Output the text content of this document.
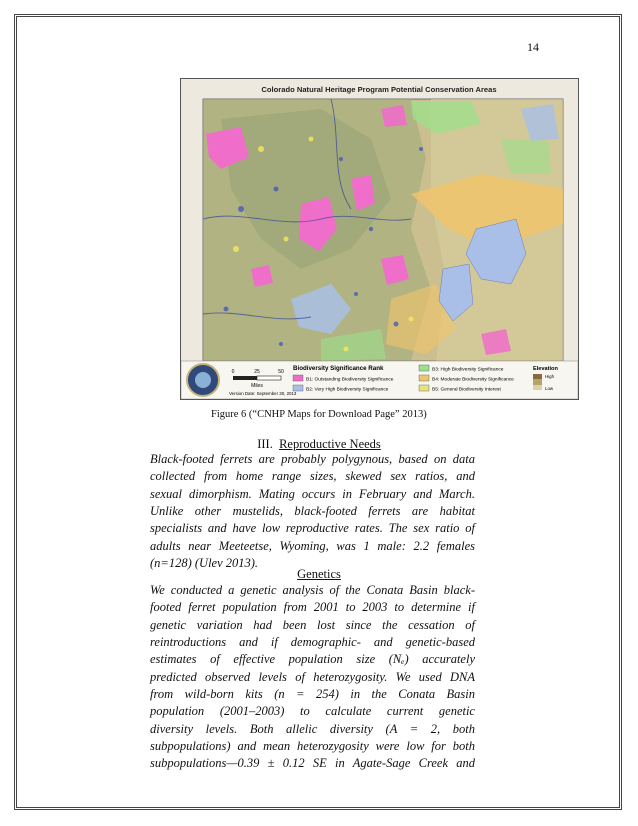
14
Colorado Natural Heritage Program Potential Conservation Areas
0	25	50
Miles
Version Date: September 30, 2013
Biodiversity Significance Rank
B1: Outstanding Biodiversity Significance
B2: Very High Biodiversity Significance
B3: High Biodiversity Significance
B4: Moderate Biodiversity Significance
B5: General Biodiversity Interest
Elevation
High
Low
Figure 6 (“CNHP Maps for Download Page” 2013)
III. Reproductive Needs
Black-footed ferrets are probably polygynous, based on data
collected from home range sizes, skewed sex ratios, and
sexual dimorphism. Mating occurs in February and March.
Unlike other mustelids, black-footed ferrets are habitat
specialists and have low reproductive rates. The sex ratio of
adults near Meeteetse, Wyoming, was 1 male: 2.2 females
(n=128) (Ulev 2013).
Genetics
We conducted a genetic analysis of the Conata Basin black-
footed ferret population from 2001 to 2003 to determine if
genetic variation had been lost since the cessation of
reintroductions and if demographic- and genetic-based
estimates of effective population size (Nₑ) accurately
predicted observed levels of heterozygosity. We used DNA
from wild-born kits (n = 254) in the Conata Basin
population (2001–2003) to calculate current genetic
diversity levels. Both allelic diversity (A = 2, both
subpopulations) and mean heterozygosity were low for both
subpopulations—0.39 ± 0.12 SE in Agate-Sage Creek and
